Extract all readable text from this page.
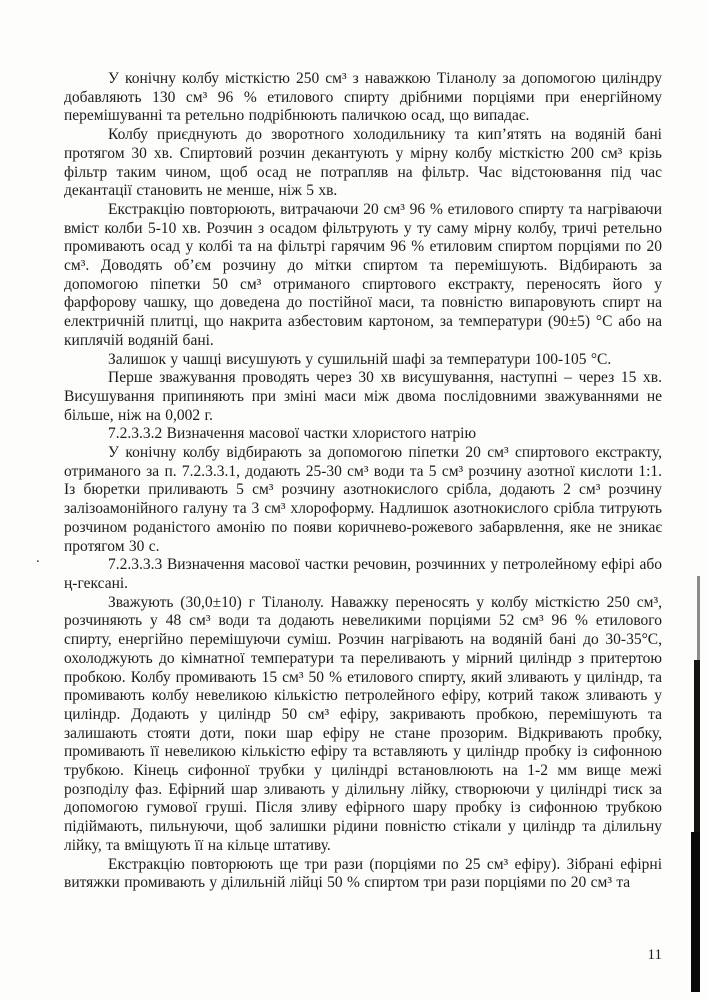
.

У конічну колбу місткістю 250 см³ з наважкою Тіланолу за допомогою циліндру добавляють 130 см³ 96 % етилового спирту дрібними порціями при енергійному перемішуванні та ретельно подрібнюють паличкою осад, що випадає.

Колбу приєднують до зворотного холодильнику та кип’ятять на водяній бані протягом 30 хв. Спиртовий розчин декантують у мірну колбу місткістю 200 см³ крізь фільтр таким чином, щоб осад не потрапляв на фільтр. Час відстоювання під час декантації становить не менше, ніж 5 хв.

Екстракцію повторюють, витрачаючи 20 см³ 96 % етилового спирту та нагріваючи вміст колби 5-10 хв. Розчин з осадом фільтрують у ту саму мірну колбу, тричі ретельно промивають осад у колбі та на фільтрі гарячим 96 % етиловим спиртом порціями по 20 см³. Доводять об’єм розчину до мітки спиртом та перемішують. Відбирають за допомогою піпетки 50 см³ отриманого спиртового екстракту, переносять його у фарфорову чашку, що доведена до постійної маси, та повністю випаровують спирт на електричній плитці, що накрита азбестовим картоном, за температури (90±5) °С або на киплячій водяній бані.

Залишок у чашці висушують у сушильній шафі за температури 100-105 °С.

Перше зважування проводять через 30 хв висушування, наступні – через 15 хв. Висушування припиняють при зміні маси між двома послідовними зважуваннями не більше, ніж на 0,002 г.

7.2.3.3.2 Визначення масової частки хлористого натрію

У конічну колбу відбирають за допомогою піпетки 20 см³ спиртового екстракту, отриманого за п. 7.2.3.3.1, додають 25-30 см³ води та 5 см³ розчину азотної кислоти 1:1. Із бюретки приливають 5 см³ розчину азотнокислого срібла, додають 2 см³ розчину залізоамонійного галуну та 3 см³ хлороформу. Надлишок азотнокислого срібла титрують розчином роданістого амонію по появи коричнево-рожевого забарвлення, яке не зникає протягом 30 с.

7.2.3.3.3 Визначення масової частки речовин, розчинних у петролейному ефірі або ң-гексані.

Зважують (30,0±10) г Тіланолу. Наважку переносять у колбу місткістю 250 см³, розчиняють у 48 см³ води та додають невеликими порціями 52 см³ 96 % етилового спирту, енергійно перемішуючи суміш. Розчин нагрівають на водяній бані до 30-35°С, охолоджують до кімнатної температури та переливають у мірний циліндр з притертою пробкою. Колбу промивають 15 см³ 50 % етилового спирту, який зливають у циліндр, та промивають колбу невеликою кількістю петролейного ефіру, котрий також зливають у циліндр. Додають у циліндр 50 см³ ефіру, закривають пробкою, перемішують та залишають стояти доти, поки шар ефіру не стане прозорим. Відкривають пробку, промивають її невеликою кількістю ефіру та вставляють у циліндр пробку із сифонною трубкою. Кінець сифонної трубки у циліндрі встановлюють на 1-2 мм вище межі розподілу фаз. Ефірний шар зливають у ділильну лійку, створюючи у циліндрі тиск за допомогою гумової груші. Після зливу ефірного шару пробку із сифонною трубкою підіймають, пильнуючи, щоб залишки рідини повністю стікали у циліндр та ділильну лійку, та вміщують її на кільце штативу.

Екстракцію повторюють ще три рази (порціями по 25 см³ ефіру). Зібрані ефірні витяжки промивають у ділильній лійці 50 % спиртом три рази порціями по 20 см³ та

11
